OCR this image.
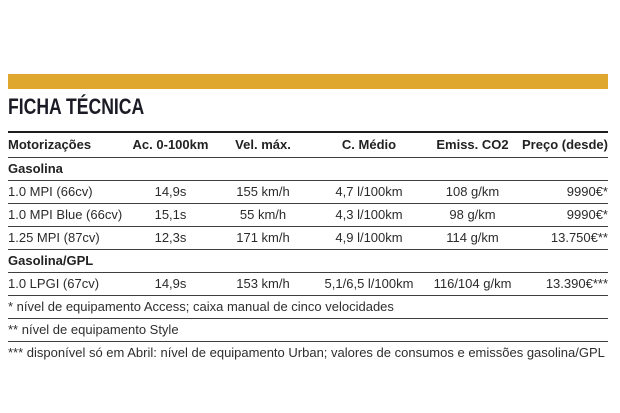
FICHA TÉCNICA
Motorizações	Ac. 0-100km	Vel. máx.	C. Médio	Emiss. CO2	Preço (desde)
Gasolina					
1.0 MPI (66cv)	14,9s	155 km/h	4,7 l/100km	108 g/km	9990€*
1.0 MPI Blue (66cv)	15,1s	55 km/h	4,3 l/100km	98 g/km	9990€*
1.25 MPI (87cv)	12,3s	171 km/h	4,9 l/100km	114 g/km	13.750€**
Gasolina/GPL					
1.0 LPGI (67cv)	14,9s	153 km/h	5,1/6,5 l/100km	116/104 g/km	13.390€***
* nível de equipamento Access; caixa manual de cinco velocidades					
** nível de equipamento Style					
*** disponível só em Abril: nível de equipamento Urban; valores de consumos e emissões gasolina/GPL					
